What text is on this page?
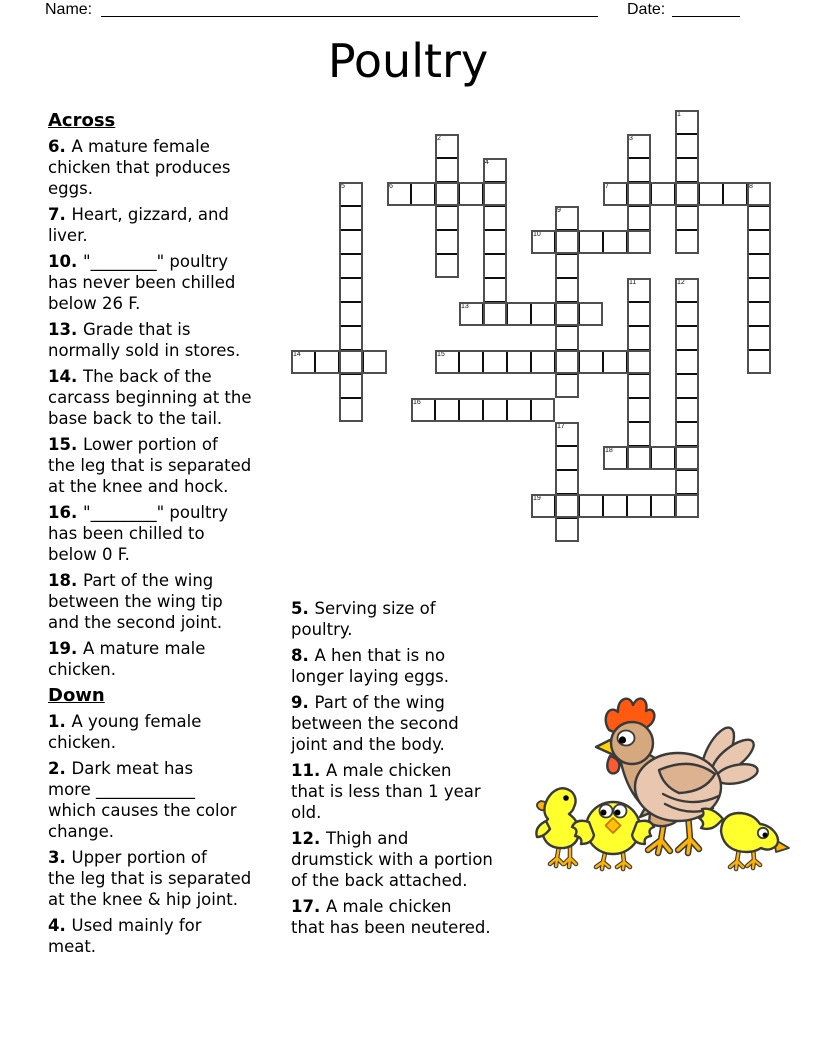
Name:	Date:
Poultry
1
2	3
4
5	6	7	8
9
10
11	12
13
14	15
16
17
18
19
Across
6. A mature female
chicken that produces
eggs.
7. Heart, gizzard, and
liver.
10. "________" poultry
has never been chilled
below 26 F.
13. Grade that is
normally sold in stores.
14. The back of the
carcass beginning at the
base back to the tail.
15. Lower portion of
the leg that is separated
at the knee and hock.
16. "________" poultry
has been chilled to
below 0 F.
18. Part of the wing
between the wing tip
and the second joint.
19. A mature male
chicken.
Down
1. A young female
chicken.
2. Dark meat has
more ____________
which causes the color
change.
3. Upper portion of
the leg that is separated
at the knee & hip joint.
4. Used mainly for
meat.
5. Serving size of
poultry.
8. A hen that is no
longer laying eggs.
9. Part of the wing
between the second
joint and the body.
11. A male chicken
that is less than 1 year
old.
12. Thigh and
drumstick with a portion
of the back attached.
17. A male chicken
that has been neutered.
